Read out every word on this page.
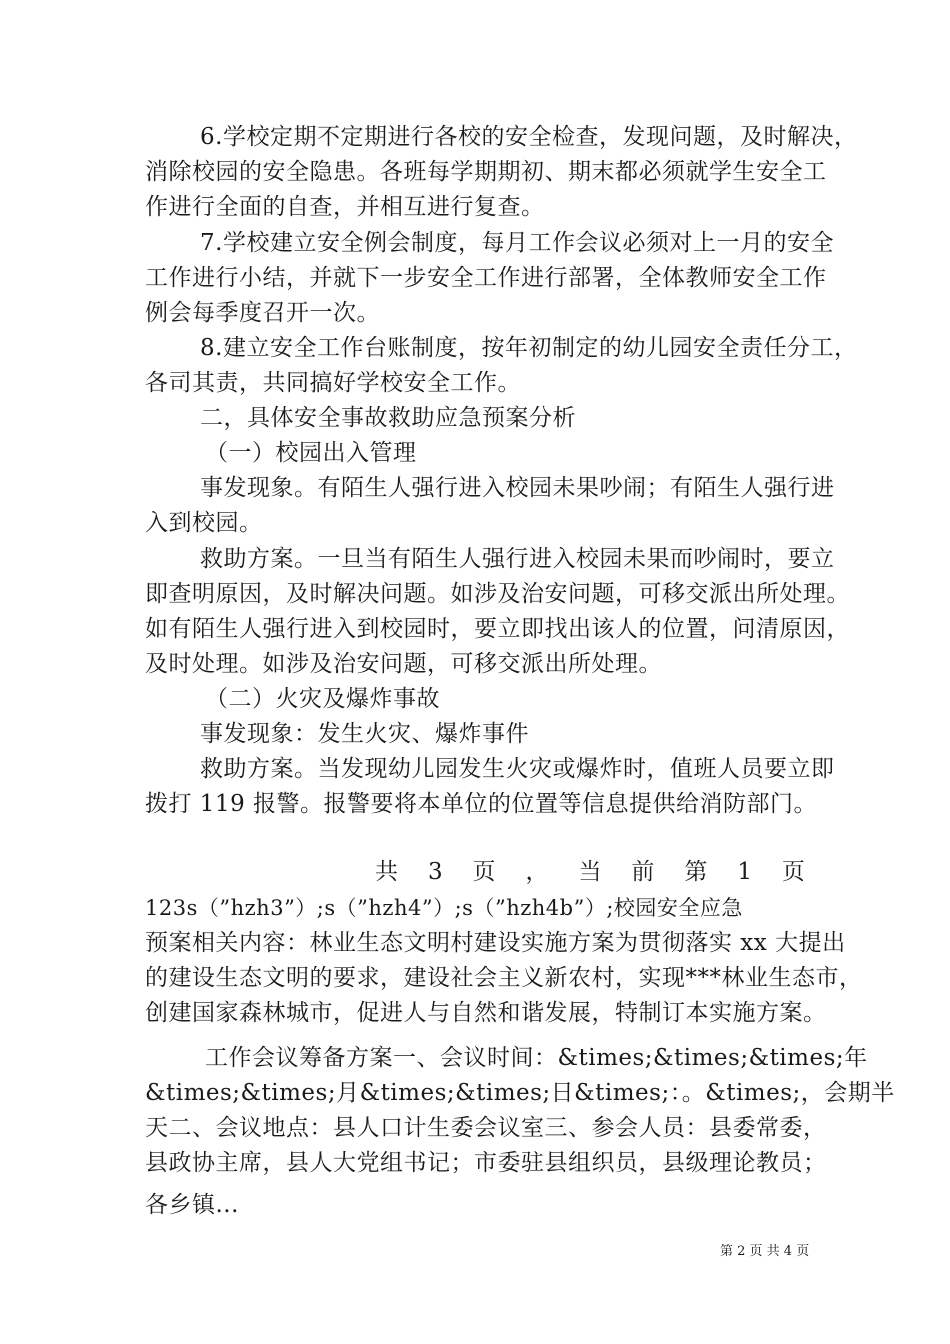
6.学校定期不定期进行各校的安全检查，发现问题，及时解决，
消除校园的安全隐患。各班每学期期初、期末都必须就学生安全工
作进行全面的自查，并相互进行复查。
7.学校建立安全例会制度，每月工作会议必须对上一月的安全
工作进行小结，并就下一步安全工作进行部署，全体教师安全工作
例会每季度召开一次。
8.建立安全工作台账制度，按年初制定的幼儿园安全责任分工，
各司其责，共同搞好学校安全工作。
二，具体安全事故救助应急预案分析
（一）校园出入管理
事发现象。有陌生人强行进入校园未果吵闹；有陌生人强行进
入到校园。
救助方案。一旦当有陌生人强行进入校园未果而吵闹时，要立
即查明原因，及时解决问题。如涉及治安问题，可移交派出所处理。
如有陌生人强行进入到校园时，要立即找出该人的位置，问清原因，
及时处理。如涉及治安问题，可移交派出所处理。
（二）火灾及爆炸事故
事发现象：发生火灾、爆炸事件
救助方案。当发现幼儿园发生火灾或爆炸时，值班人员要立即
拨打 119 报警。报警要将本单位的位置等信息提供给消防部门。
共 3 页 ， 当 前 第 1 页
123s（”hzh3”）;s（”hzh4”）;s（”hzh4b”）;校园安全应急
预案相关内容：林业生态文明村建设实施方案为贯彻落实 xx 大提出
的建设生态文明的要求，建设社会主义新农村，实现***林业生态市，
创建国家森林城市，促进人与自然和谐发展，特制订本实施方案。
工作会议筹备方案一、会议时间：&times;&times;&times;年
&times;&times;月&times;&times;日&times;：。&times;，会期半
天二、会议地点：县人口计生委会议室三、参会人员：县委常委，
县政协主席，县人大党组书记；市委驻县组织员，县级理论教员；
各乡镇...
第 2 页 共 4 页
